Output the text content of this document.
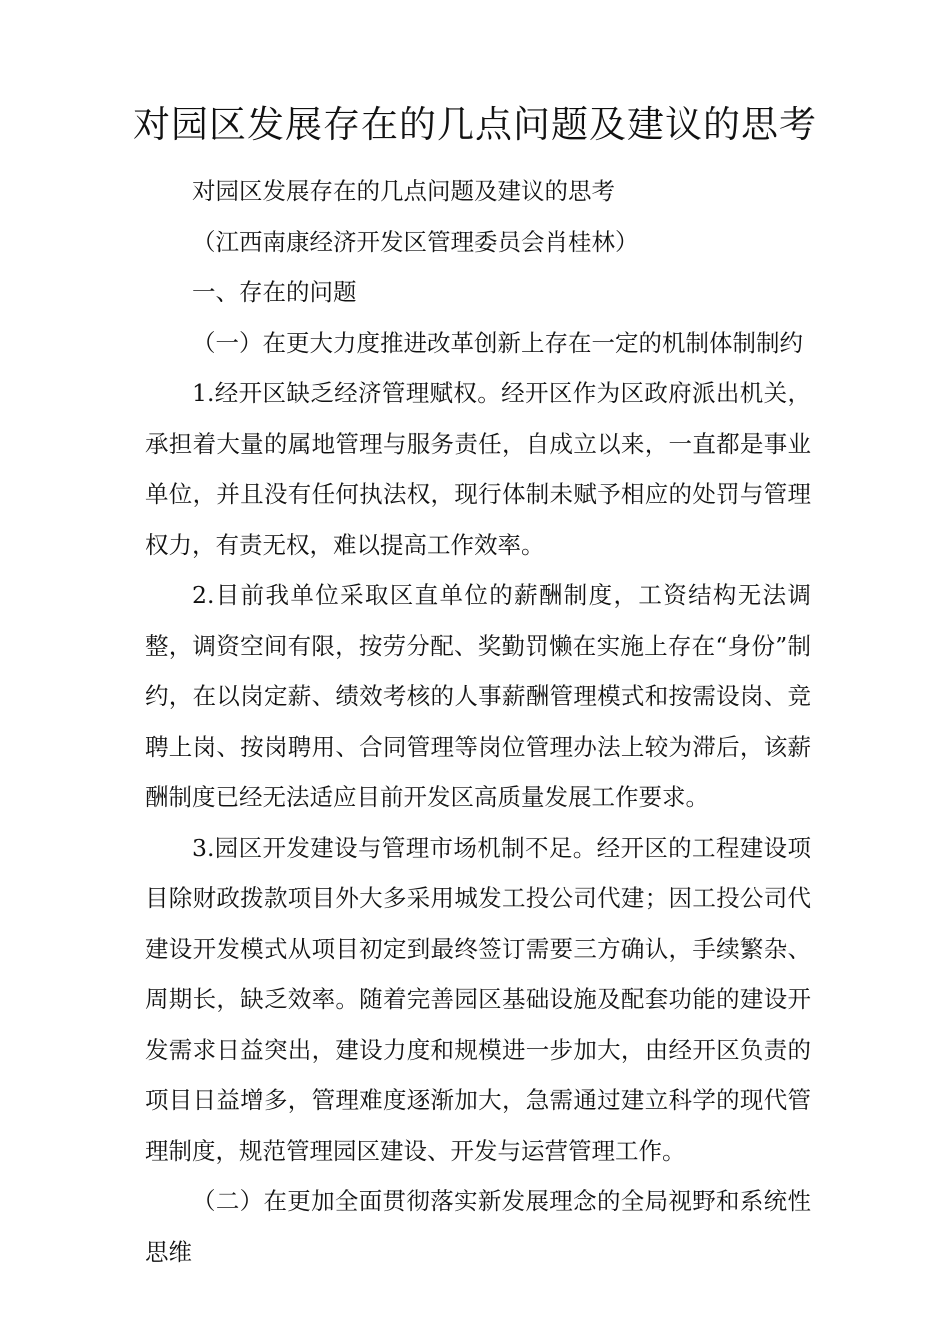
对园区发展存在的几点问题及建议的思考

对园区发展存在的几点问题及建议的思考

（江西南康经济开发区管理委员会肖桂林）

一、存在的问题

（一）在更大力度推进改革创新上存在一定的机制体制制约

1.经开区缺乏经济管理赋权。经开区作为区政府派出机关，承担着大量的属地管理与服务责任，自成立以来，一直都是事业单位，并且没有任何执法权，现行体制未赋予相应的处罚与管理权力，有责无权，难以提高工作效率。

2.目前我单位采取区直单位的薪酬制度，工资结构无法调整，调资空间有限，按劳分配、奖勤罚懒在实施上存在“身份”制约，在以岗定薪、绩效考核的人事薪酬管理模式和按需设岗、竞聘上岗、按岗聘用、合同管理等岗位管理办法上较为滞后，该薪酬制度已经无法适应目前开发区高质量发展工作要求。

3.园区开发建设与管理市场机制不足。经开区的工程建设项目除财政拨款项目外大多采用城发工投公司代建；因工投公司代建设开发模式从项目初定到最终签订需要三方确认，手续繁杂、周期长，缺乏效率。随着完善园区基础设施及配套功能的建设开发需求日益突出，建设力度和规模进一步加大，由经开区负责的项目日益增多，管理难度逐渐加大，急需通过建立科学的现代管理制度，规范管理园区建设、开发与运营管理工作。

（二）在更加全面贯彻落实新发展理念的全局视野和系统性思维
